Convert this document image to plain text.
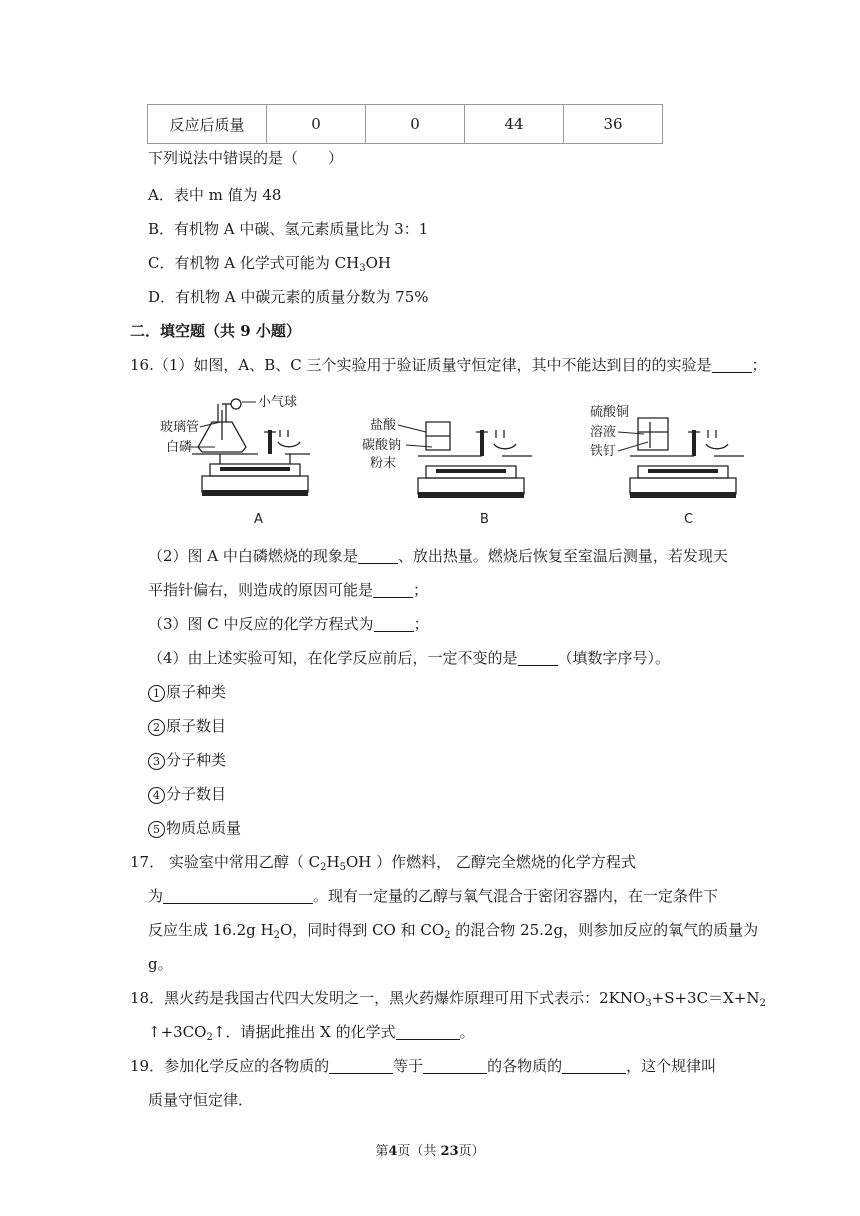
反应后质量	0	0	44	36
下列说法中错误的是（　　）
A．表中 m 值为 48
B．有机物 A 中碳、氢元素质量比为 3：1
C．有机物 A 化学式可能为 $CH_3OH$
D．有机物 A 中碳元素的质量分数为 75%
二．填空题（共 9 小题）
16.（1）如图，A、B、C 三个实验用于验证质量守恒定律，其中不能达到目的的实验是	；
小气球
玻璃管
白磷
A
盐酸
碳酸钠
粉末
B
硫酸铜
溶液
铁钉
C
（2）图 A 中白磷燃烧的现象是	、放出热量。燃烧后恢复至室温后测量，若发现天
平指针偏右，则造成的原因可能是	；
（3）图 C 中反应的化学方程式为	；
（4）由上述实验可知，在化学反应前后，一定不变的是	（填数字序号）。
1 原子种类
2 原子数目
3 分子种类
4 分子数目
5 物质总质量
17． 实验室中常用乙醇（ $C_2H_5OH$ ）作燃料， 乙醇完全燃烧的化学方程式
为	。现有一定量的乙醇与氧气混合于密闭容器内，在一定条件下
反应生成 16.2g $H_2O$，同时得到 CO 和 $CO_2$ 的混合物 25.2g，则参加反应的氧气的质量为
g。
18．黑火药是我国古代四大发明之一，黑火药爆炸原理可用下式表示：$2KNO_3+S+3C=X+N_2$
$↑+3CO_2↑$．请据此推出 X 的化学式	。
19．参加化学反应的各物质的	等于	的各物质的	，这个规律叫
质量守恒定律．
第4页（共 23页）
